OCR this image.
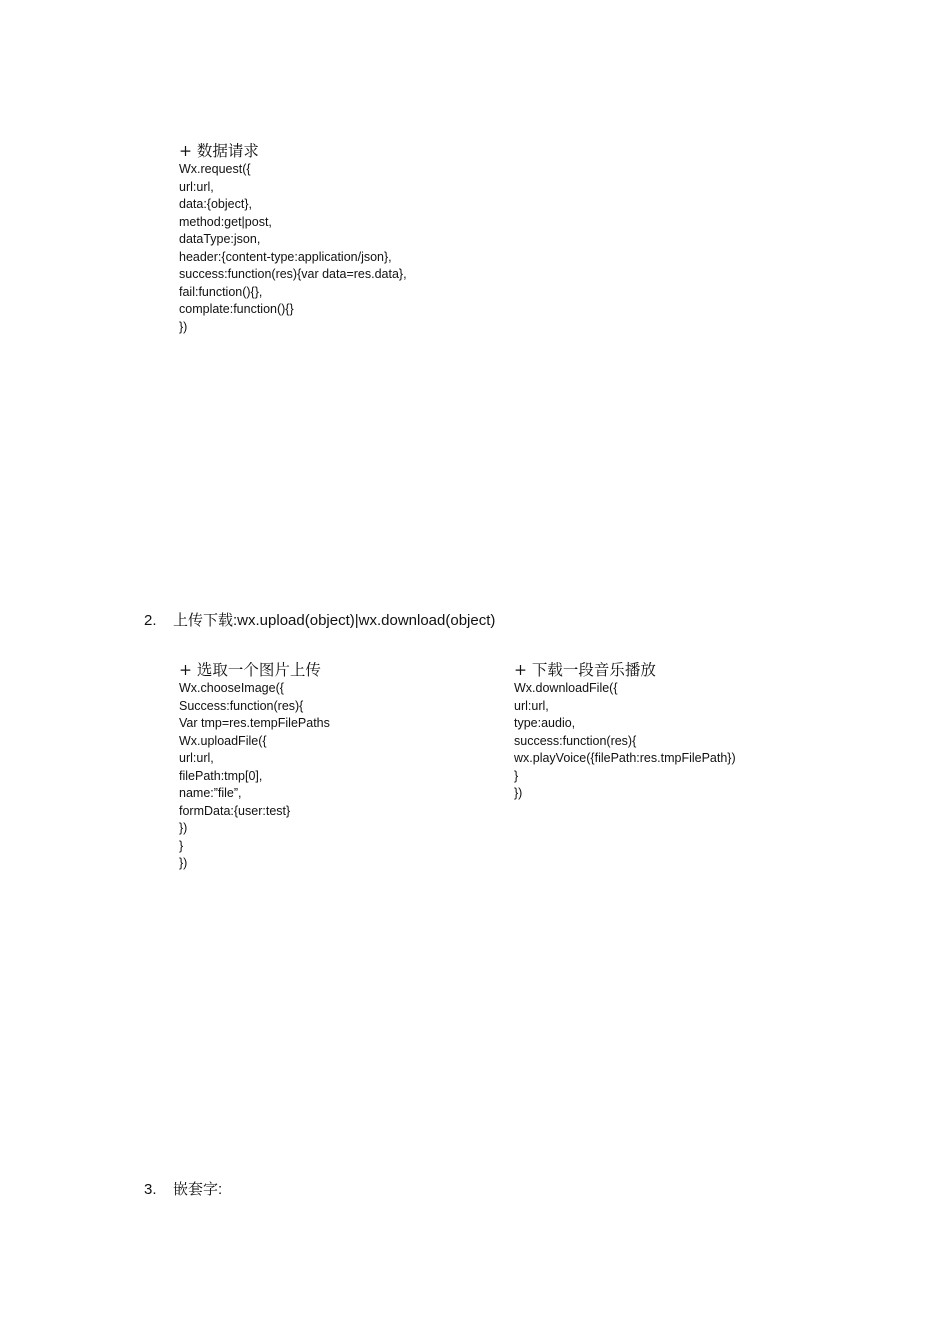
+ 数据请求
Wx.request({
url:url,
data:{object},
method:get|post,
dataType:json,
header:{content-type:application/json},
success:function(res){var data=res.data},
fail:function(){},
complate:function(){}
})
2. 上传下载:wx.upload(object)|wx.download(object)
+ 选取一个图片上传
Wx.chooseImage({
Success:function(res){
Var tmp=res.tempFilePaths
Wx.uploadFile({
url:url,
filePath:tmp[0],
name:”file”,
formData:{user:test}
})
}
})
+ 下载一段音乐播放
Wx.downloadFile({
url:url,
type:audio,
success:function(res){
wx.playVoice({filePath:res.tmpFilePath})
}
})
3. 嵌套字:
